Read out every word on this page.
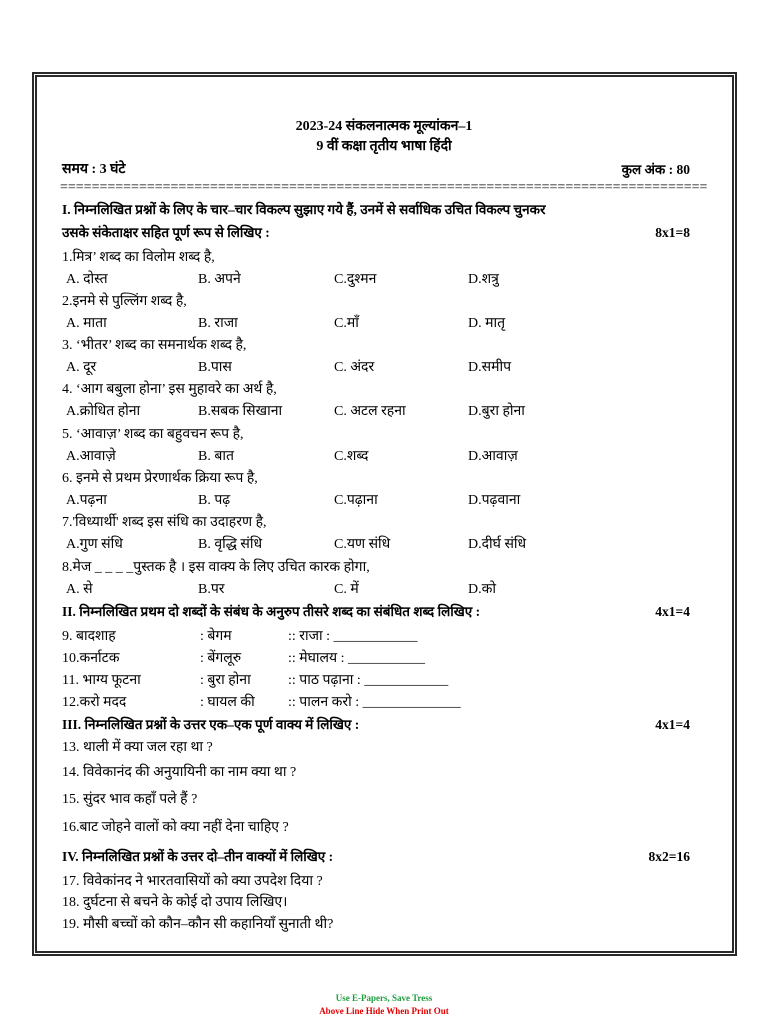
2023-24 संकलनात्मक मूल्यांकन–1
9 वीं कक्षा तृतीय भाषा हिंदी
समय : 3 घंटे	कुल अंक : 80
==================================================================================
I. निम्नलिखित प्रश्नों के लिए के चार–चार विकल्प सुझाए गये हैं, उनमें से सर्वाधिक उचित विकल्प चुनकर
उसके संकेताक्षर सहित पूर्ण रूप से लिखिए :	8x1=8
1.मित्र’ शब्द का विलोम शब्द है,
A. दोस्त	B. अपने	C.दुश्मन	D.शत्रु
2.इनमे से पुल्लिंग शब्द है,
A. माता	B. राजा	C.माँ	D. मातृ
3. ‘भीतर’ शब्द का समनार्थक शब्द है,
A. दूर	B.पास	C. अंदर	D.समीप
4. ‘आग बबुला होना’ इस मुहावरे का अर्थ है,
A.क्रोधित होना	B.सबक सिखाना	C. अटल रहना	D.बुरा होना
5. ‘आवाज़’ शब्द का बहुवचन रूप है,
A.आवाज़े	B. बात	C.शब्द	D.आवाज़
6. इनमे से प्रथम प्रेरणार्थक क्रिया रूप है,
A.पढ़ना	B. पढ़	C.पढ़ाना	D.पढ़वाना
7.'विध्यार्थी' शब्द इस संधि का उदाहरण है,
A.गुण संधि	B. वृद्धि संधि	C.यण संधि	D.दीर्घ संधि
8.मेज _ _ _ _पुस्तक है । इस वाक्य के लिए उचित कारक होगा,
A. से	B.पर	C. में	D.को
II. निम्नलिखित प्रथम दो शब्दों के संबंध के अनुरुप तीसरे शब्द का संबंधित शब्द लिखिए :	4x1=4
9. बादशाह	: बेगम	:: राजा : ____________
10.कर्नाटक	: बेंगलूरु	:: मेघालय : ___________
11. भाग्य फूटना	: बुरा होना	:: पाठ पढ़ाना : ____________
12.करो मदद	: घायल की :: पालन करो : ______________
III. निम्नलिखित प्रश्नों के उत्तर एक–एक पूर्ण वाक्य में लिखिए :	4x1=4
13. थाली में क्या जल रहा था ?
14. विवेकानंद की अनुयायिनी का नाम क्या था ?
15. सुंदर भाव कहाँ पले हैं ?
16.बाट जोहने वालों को क्या नहीं देना चाहिए ?
IV. निम्नलिखित प्रश्नों के उत्तर दो–तीन वाक्यों में लिखिए :	8x2=16
17. विवेकांनद ने भारतवासियों को क्या उपदेश दिया ?
18. दुर्घटना से बचने के कोई दो उपाय लिखिए।
19. मौसी बच्चों को कौन–कौन सी कहानियाँ सुनाती थी?
Use E-Papers, Save Tress
Above Line Hide When Print Out
